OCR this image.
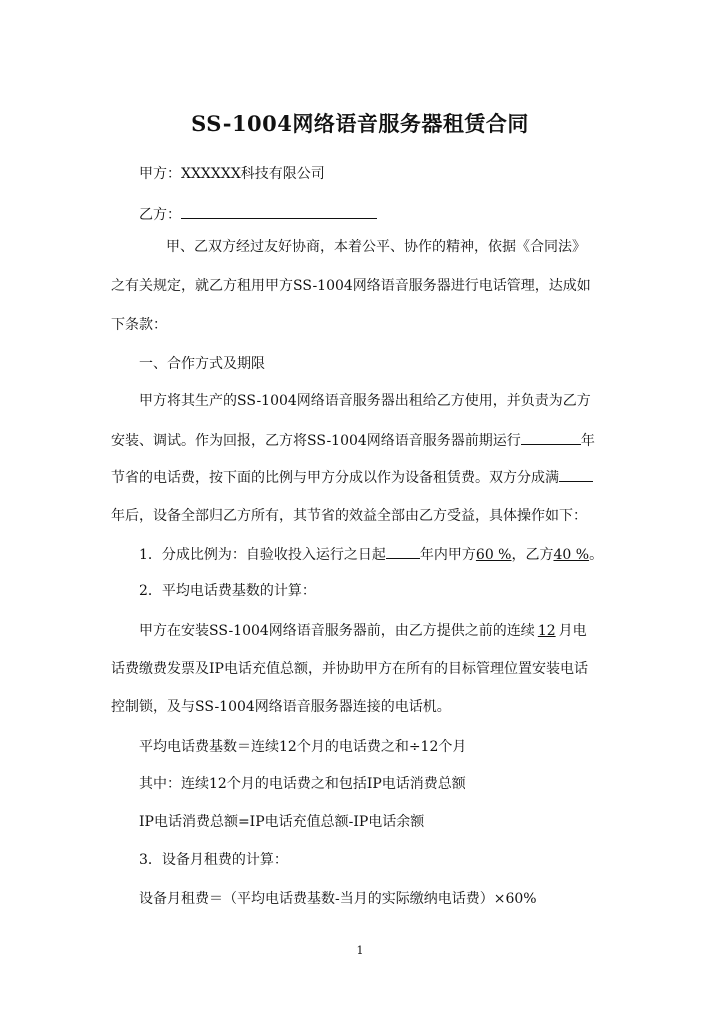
SS-1004网络语音服务器租赁合同
甲方：XXXXXX科技有限公司
乙方：
甲、乙双方经过友好协商，本着公平、协作的精神，依据《合同法》
之有关规定，就乙方租用甲方SS-1004网络语音服务器进行电话管理，达成如
下条款：
一、合作方式及期限
甲方将其生产的SS-1004网络语音服务器出租给乙方使用，并负责为乙方
安装、调试。作为回报，乙方将SS-1004网络语音服务器前期运行	年
节省的电话费，按下面的比例与甲方分成以作为设备租赁费。双方分成满
年后，设备全部归乙方所有，其节省的效益全部由乙方受益，具体操作如下：
1．分成比例为：自验收投入运行之日起 年内甲方60 %，乙方40 %。
2．平均电话费基数的计算：
甲方在安装SS-1004网络语音服务器前，由乙方提供之前的连续 12 月电
话费缴费发票及IP电话充值总额，并协助甲方在所有的目标管理位置安装电话
控制锁，及与SS-1004网络语音服务器连接的电话机。
平均电话费基数＝连续12个月的电话费之和÷12个月
其中：连续12个月的电话费之和包括IP电话消费总额
IP电话消费总额=IP电话充值总额-IP电话余额
3．设备月租费的计算：
设备月租费＝（平均电话费基数-当月的实际缴纳电话费）×60%
1
